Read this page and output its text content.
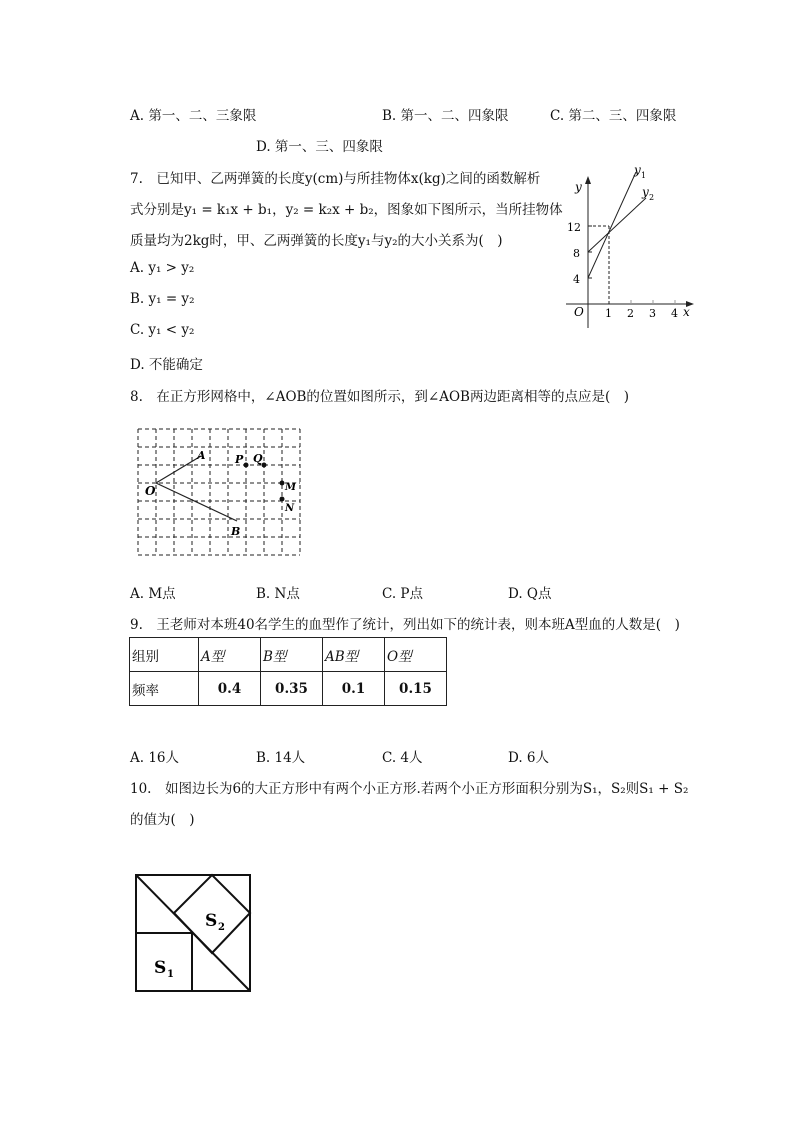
A. 第一、二、三象限	B. 第一、二、四象限	C. 第二、三、四象限
D. 第一、三、四象限
7.　已知甲、乙两弹簧的长度y(cm)与所挂物体x(kg)之间的函数解析
式分别是y₁ = k₁x + b₁，y₂ = k₂x + b₂，图象如下图所示，当所挂物体
质量均为2kg时，甲、乙两弹簧的长度y₁与y₂的大小关系为(　)
A. y₁ > y₂
B. y₁ = y₂
C. y₁ < y₂
D. 不能确定
y
x
O
12
8
4
1 2 3 4
y 1
y 2
8.　在正方形网格中，∠AOB的位置如图所示，到∠AOB两边距离相等的点应是(　)
O
A
B
P Q
M
N
A. M点	B. N点	C. P点	D. Q点
9.　王老师对本班40名学生的血型作了统计，列出如下的统计表，则本班A型血的人数是(　)
组别	A型	B型	AB型	O型
频率	0.4	0.35	0.1	0.15
A. 16人	B. 14人	C. 4人	D. 6人
10.　如图边长为6的大正方形中有两个小正方形.若两个小正方形面积分别为S₁，S₂则S₁ + S₂
的值为(　)
S 1
S 2
